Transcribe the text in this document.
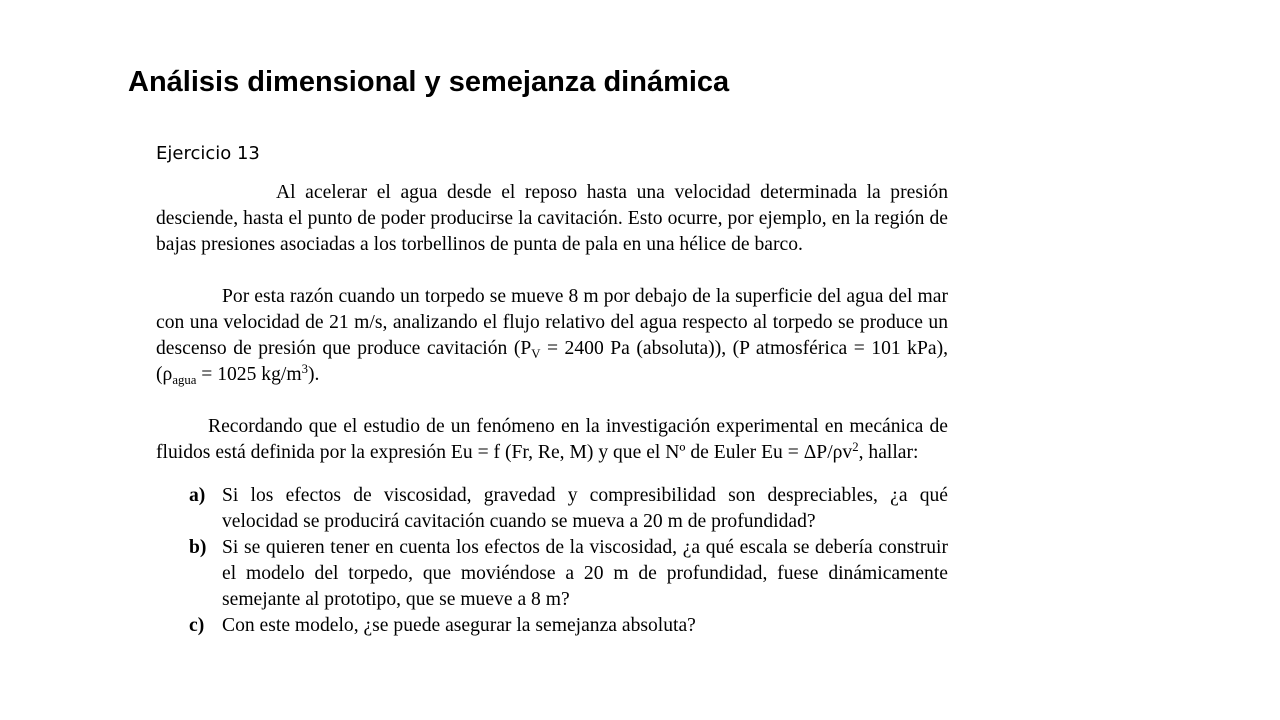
Análisis dimensional y semejanza dinámica
Ejercicio 13

Al acelerar el agua desde el reposo hasta una velocidad determinada la presión desciende, hasta el punto de poder producirse la cavitación. Esto ocurre, por ejemplo, en la región de bajas presiones asociadas a los torbellinos de punta de pala en una hélice de barco.

Por esta razón cuando un torpedo se mueve 8 m por debajo de la superficie del agua del mar con una velocidad de 21 m/s, analizando el flujo relativo del agua respecto al torpedo se produce un descenso de presión que produce cavitación ($P_V = 2400$ Pa (absoluta)), (P atmosférica = 101 kPa), ($\rho_{agua} = 1025$ $kg/m^3$).

Recordando que el estudio de un fenómeno en la investigación experimental en mecánica de fluidos está definida por la expresión Eu = f (Fr, Re, M) y que el Nº de Euler $Eu = \Delta P/\rho v^2$, hallar:

a) Si los efectos de viscosidad, gravedad y compresibilidad son despreciables, ¿a qué velocidad se producirá cavitación cuando se mueva a 20 m de profundidad?
b) Si se quieren tener en cuenta los efectos de la viscosidad, ¿a qué escala se debería construir el modelo del torpedo, que moviéndose a 20 m de profundidad, fuese dinámicamente semejante al prototipo, que se mueve a 8 m?
c) Con este modelo, ¿se puede asegurar la semejanza absoluta?
